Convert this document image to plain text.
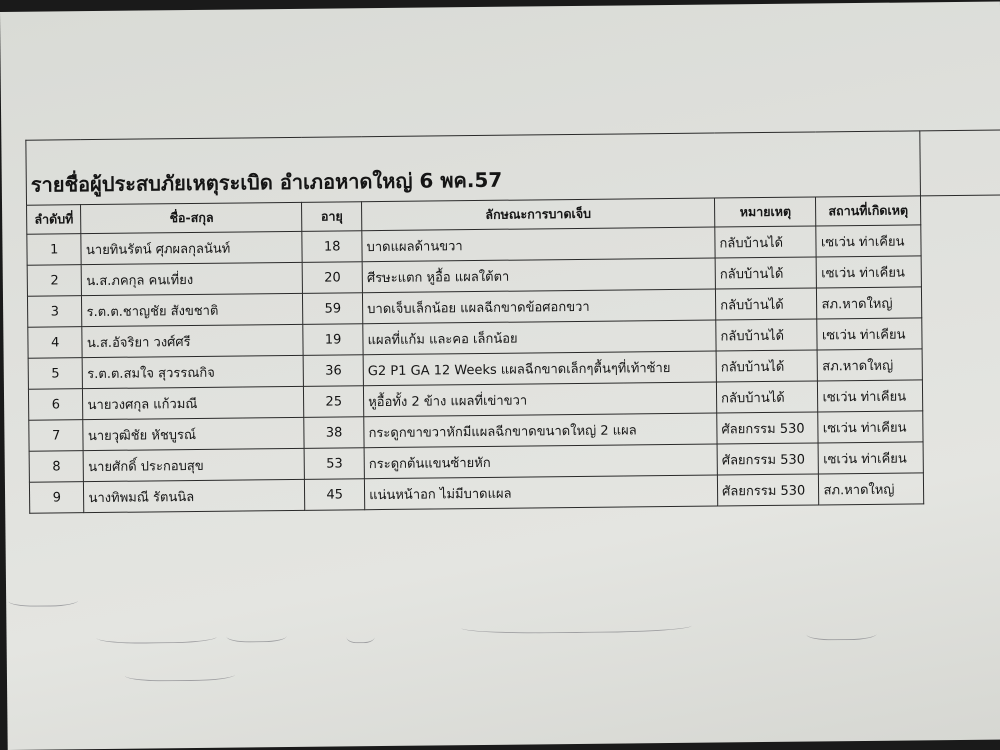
รายชื่อผู้ประสบภัยเหตุระเบิด อำเภอหาดใหญ่ 6 พค.57						
ลำดับที่	ชื่อ-สกุล	อายุ	ลักษณะการบาดเจ็บ	หมายเหตุ	สถานที่เกิดเหตุ	
1	นายทินรัตน์ ศุภผลกุลนันท์	18	บาดแผลด้านขวา	กลับบ้านได้	เซเว่น ท่าเคียน	
2	น.ส.ภคกุล คนเที่ยง	20	ศีรษะแตก หูอื้อ แผลใต้ตา	กลับบ้านได้	เซเว่น ท่าเคียน	
3	ร.ต.ต.ชาญชัย สังขชาติ	59	บาดเจ็บเล็กน้อย แผลฉีกขาดข้อศอกขวา	กลับบ้านได้	สภ.หาดใหญ่	
4	น.ส.อัจริยา วงศ์ศรี	19	แผลที่แก้ม และคอ เล็กน้อย	กลับบ้านได้	เซเว่น ท่าเคียน	
5	ร.ต.ต.สมใจ สุวรรณกิจ	36	G2 P1 GA 12 Weeks แผลฉีกขาดเล็กๆตื้นๆที่เท้าซ้าย	กลับบ้านได้	สภ.หาดใหญ่	
6	นายวงศกุล แก้วมณี	25	หูอื้อทั้ง 2 ข้าง แผลที่เข่าขวา	กลับบ้านได้	เซเว่น ท่าเคียน	
7	นายวุฒิชัย หัชบูรณ์	38	กระดูกขาขวาหักมีแผลฉีกขาดขนาดใหญ่ 2 แผล	ศัลยกรรม 530	เซเว่น ท่าเคียน	
8	นายศักดิ์ ประกอบสุข	53	กระดูกต้นแขนซ้ายหัก	ศัลยกรรม 530	เซเว่น ท่าเคียน	
9	นางทิพมณี รัตนนิล	45	แน่นหน้าอก ไม่มีบาดแผล	ศัลยกรรม 530	สภ.หาดใหญ่	
